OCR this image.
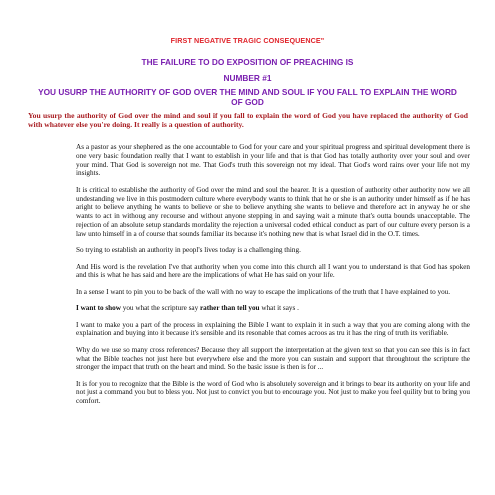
FIRST NEGATIVE TRAGIC CONSEQUENCE"
THE FAILURE TO DO EXPOSITION OF PREACHING IS
NUMBER #1
YOU USURP THE AUTHORITY OF GOD OVER THE MIND AND SOUL IF YOU FALL TO EXPLAIN THE WORD OF GOD

You usurp the authority of God over the mind and soul if you fall to explain the word of God you have replaced the authority of God with whatever else you're doing. It really is a question of authority.

As a pastor as your shephered as the one accountable to God for your care and your spiritual progress and spiritual development there is one very basic foundation really that I want to establish in your life and that is that God has totally authority over your soul and over your mind. That God is sovereign not me. That God's truth this sovereign not my ideal. That God's word rains over your life not my insights.

It is critical to establishe the authority of God over the mind and soul the hearer. It is a question of authority other authority now we all undestanding we live in this postmodern culture where everybody wants to think that he or she is an authority under himself as if he has aright to believe anything he wants to believe or she to believe anything she wants to believe and therefore act in anyway he or she wants to act in withoug any recourse and without anyone stepping in and saying wait a minute that's outta bounds unacceptable. The rejection of an absolute setup standards mordality the rejection a universal coded ethical conduct as part of our culture every person is a law unto himself in a of course that sounds familiar its because it's nothing new that is what Israel did in the O.T. times.

So trying to establish an authority in peopl's lives today is a challenging thing.

And His word is the revelation I've that authority when you come into this church all I want you to understand is that God has spoken and this is what he has said and here are the implications of what He has said on your life.

In a sense I want to pin you to be back of the wall with no way to escape the implications of the truth that I have explained to you.

I want to show you what the scripture say rather than tell you what it says .

I want to make you a part of the process in explaining the Bible I want to explain it in such a way that you are coming along with the explaination and buying into it because it's sensible and its resonable that comes acroos as tru it has the ring of truth its verifiable.

Why do we use so many cross references? Because they all support the interpretation at the given text so that you can see this is in fact what the Bible teaches not just here but everywhere else and the more you can sustain and support that throughtout the scripture the stronger the impact that truth on the heart and mind. So the basic issue is then is for ...

It is for you to recognize that the Bible is the word of God who is absolutely sovereign and it brings to bear its authority on your life and not just a command you but to bless you. Not just to convict you but to encourage you. Not just to make you feel quility but to bring you comfort.
